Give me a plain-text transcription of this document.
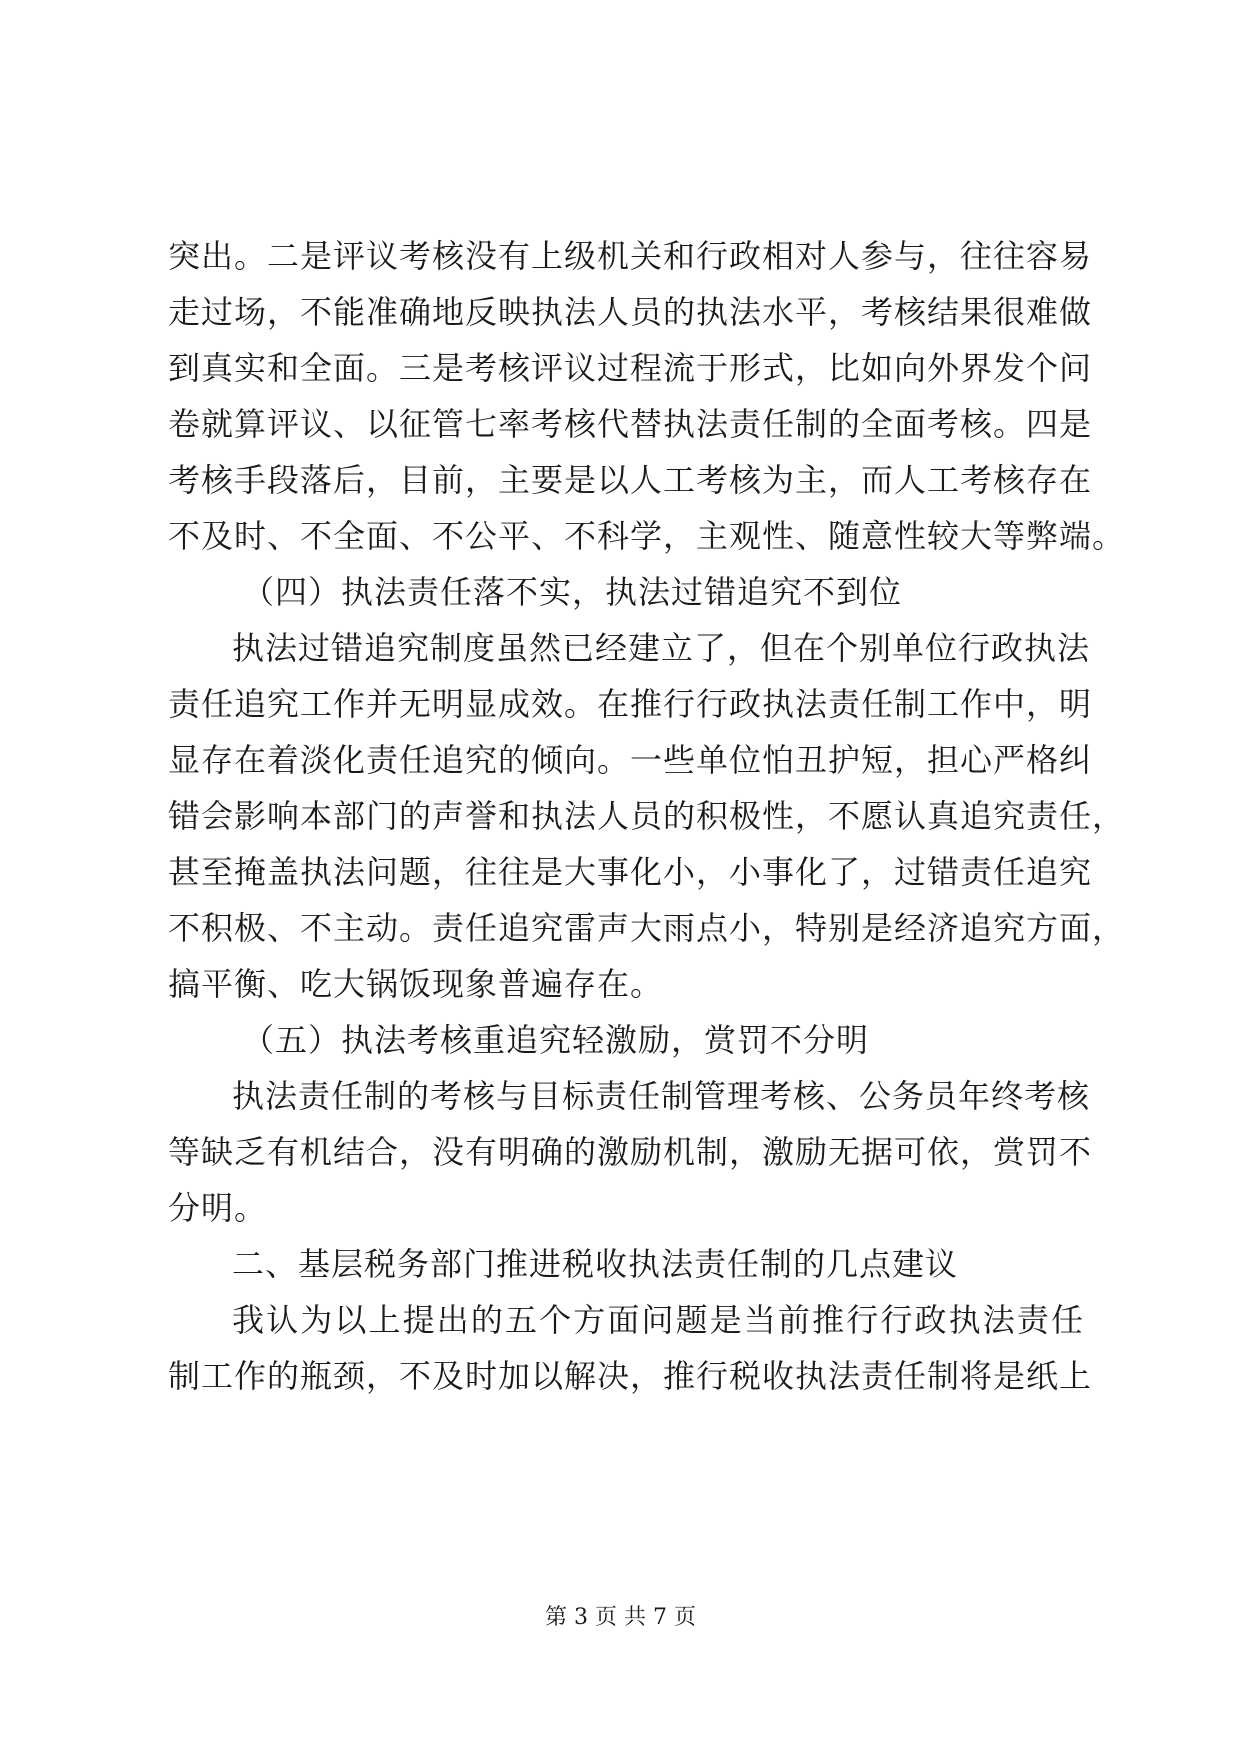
突出。二是评议考核没有上级机关和行政相对人参与，往往容易
走过场，不能准确地反映执法人员的执法水平，考核结果很难做
到真实和全面。三是考核评议过程流于形式，比如向外界发个问
卷就算评议、以征管七率考核代替执法责任制的全面考核。四是
考核手段落后，目前，主要是以人工考核为主，而人工考核存在
不及时、不全面、不公平、不科学，主观性、随意性较大等弊端。
（四）执法责任落不实，执法过错追究不到位
执法过错追究制度虽然已经建立了，但在个别单位行政执法
责任追究工作并无明显成效。在推行行政执法责任制工作中，明
显存在着淡化责任追究的倾向。一些单位怕丑护短，担心严格纠
错会影响本部门的声誉和执法人员的积极性，不愿认真追究责任，
甚至掩盖执法问题，往往是大事化小，小事化了，过错责任追究
不积极、不主动。责任追究雷声大雨点小，特别是经济追究方面，
搞平衡、吃大锅饭现象普遍存在。
（五）执法考核重追究轻激励，赏罚不分明
执法责任制的考核与目标责任制管理考核、公务员年终考核
等缺乏有机结合，没有明确的激励机制，激励无据可依，赏罚不
分明。
二、基层税务部门推进税收执法责任制的几点建议
我认为以上提出的五个方面问题是当前推行行政执法责任
制工作的瓶颈，不及时加以解决，推行税收执法责任制将是纸上
第 3 页 共 7 页
